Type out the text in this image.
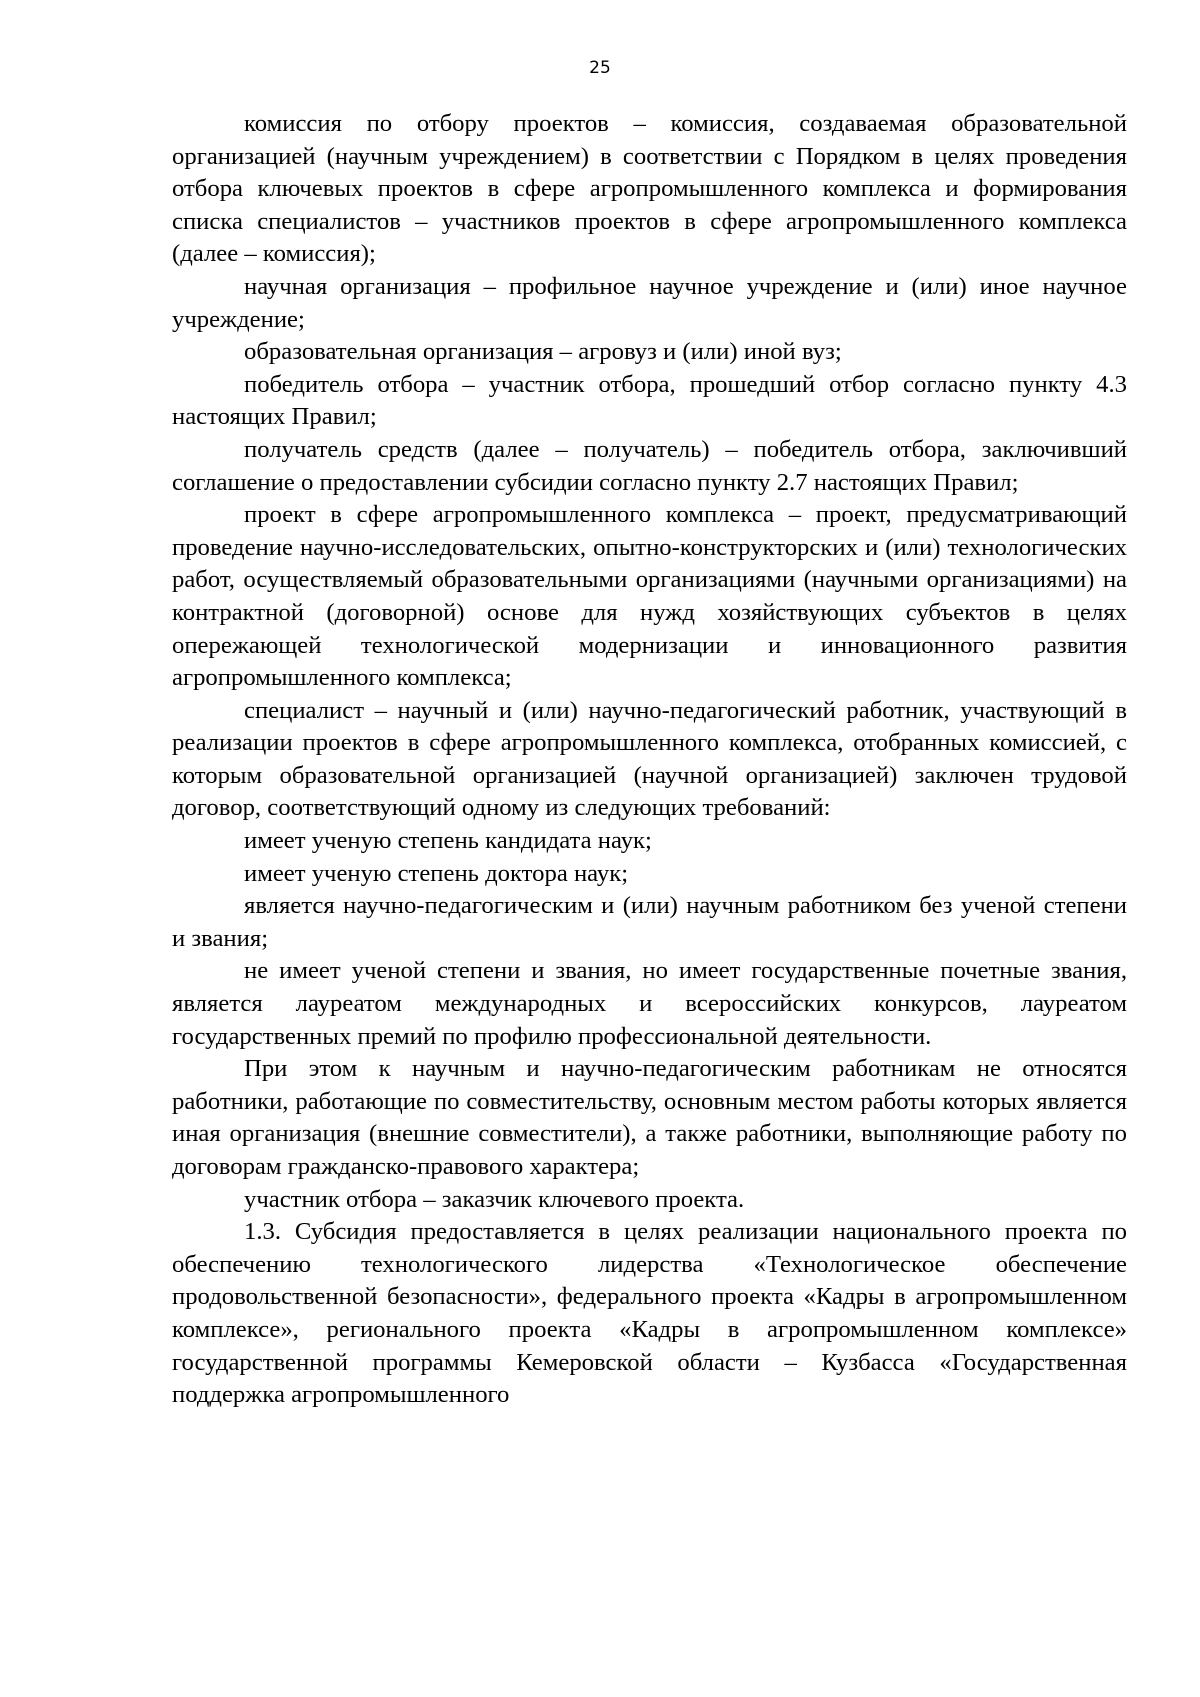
25

комиссия по отбору проектов – комиссия, создаваемая образовательной организацией (научным учреждением) в соответствии с Порядком в целях проведения отбора ключевых проектов в сфере агропромышленного комплекса и формирования списка специалистов – участников проектов в сфере агропромышленного комплекса (далее – комиссия);

научная организация – профильное научное учреждение и (или) иное научное учреждение;

образовательная организация – агровуз и (или) иной вуз;

победитель отбора – участник отбора, прошедший отбор согласно пункту 4.3 настоящих Правил;

получатель средств (далее – получатель) – победитель отбора, заключивший соглашение о предоставлении субсидии согласно пункту 2.7 настоящих Правил;

проект в сфере агропромышленного комплекса – проект, предусматривающий проведение научно-исследовательских, опытно-конструкторских и (или) технологических работ, осуществляемый образовательными организациями (научными организациями) на контрактной (договорной) основе для нужд хозяйствующих субъектов в целях опережающей технологической модернизации и инновационного развития агропромышленного комплекса;

специалист – научный и (или) научно-педагогический работник, участвующий в реализации проектов в сфере агропромышленного комплекса, отобранных комиссией, с которым образовательной организацией (научной организацией) заключен трудовой договор, соответствующий одному из следующих требований:

имеет ученую степень кандидата наук;

имеет ученую степень доктора наук;

является научно-педагогическим и (или) научным работником без ученой степени и звания;

не имеет ученой степени и звания, но имеет государственные почетные звания, является лауреатом международных и всероссийских конкурсов, лауреатом государственных премий по профилю профессиональной деятельности.

При этом к научным и научно-педагогическим работникам не относятся работники, работающие по совместительству, основным местом работы которых является иная организация (внешние совместители), а также работники, выполняющие работу по договорам гражданско-правового характера;

участник отбора – заказчик ключевого проекта.

1.3. Субсидия предоставляется в целях реализации национального проекта по обеспечению технологического лидерства «Технологическое обеспечение продовольственной безопасности», федерального проекта «Кадры в агропромышленном комплексе», регионального проекта «Кадры в агропромышленном комплексе» государственной программы Кемеровской области – Кузбасса «Государственная поддержка агропромышленного
